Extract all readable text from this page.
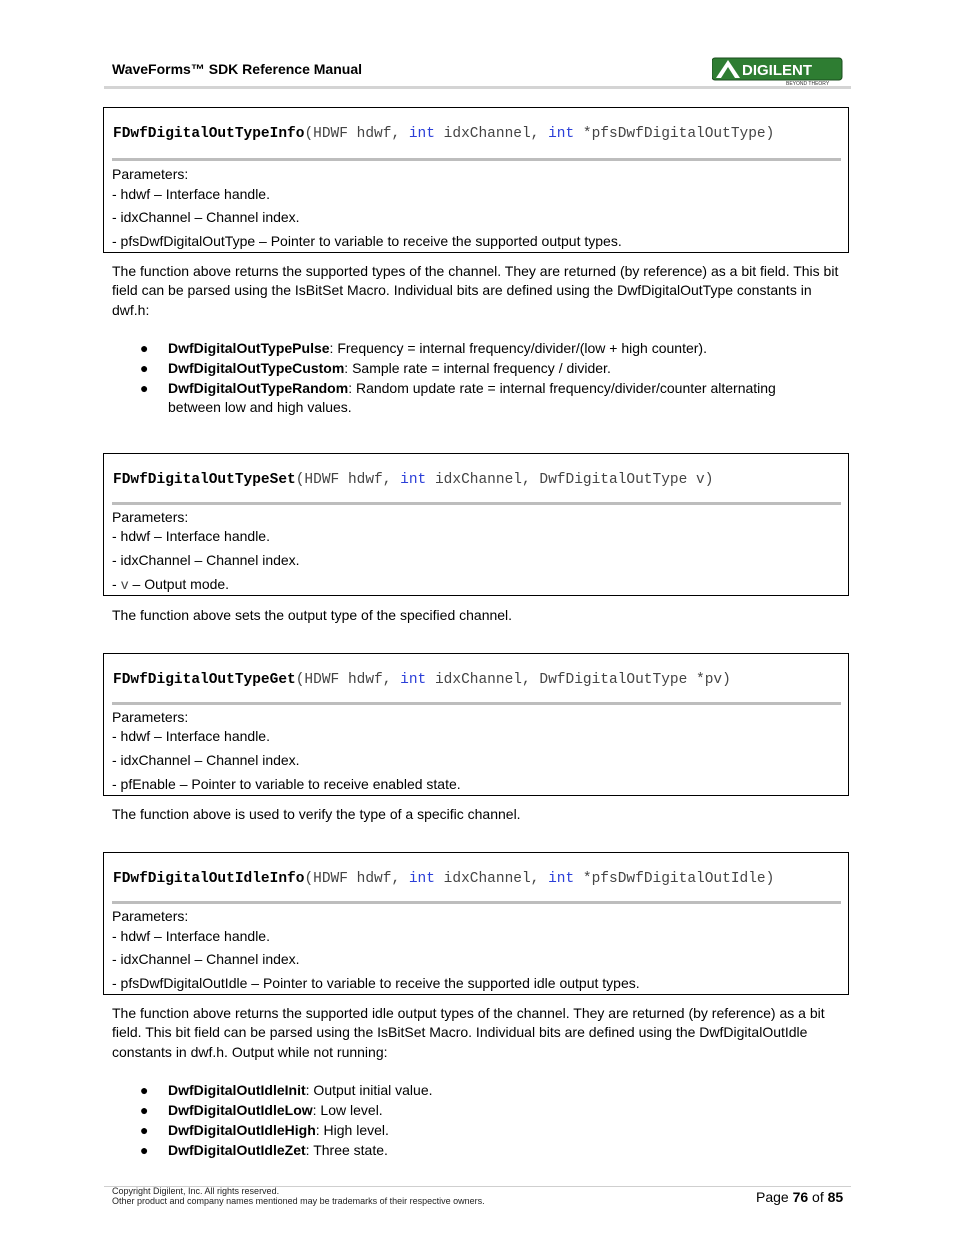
WaveForms™ SDK Reference Manual	DIGILENT
BEYOND THEORY
FDwfDigitalOutTypeInfo(HDWF hdwf, int idxChannel, int *pfsDwfDigitalOutType)
Parameters:
- hdwf – Interface handle.
- idxChannel – Channel index.
- pfsDwfDigitalOutType – Pointer to variable to receive the supported output types.
The function above returns the supported types of the channel. They are returned (by reference) as a bit field. This bit field can be parsed using the IsBitSet Macro. Individual bits are defined using the DwfDigitalOutType constants in dwf.h:
● DwfDigitalOutTypePulse: Frequency = internal frequency/divider/(low + high counter).
● DwfDigitalOutTypeCustom: Sample rate = internal frequency / divider.
● DwfDigitalOutTypeRandom: Random update rate = internal frequency/divider/counter alternating between low and high values.
FDwfDigitalOutTypeSet(HDWF hdwf, int idxChannel, DwfDigitalOutType v)
Parameters:
- hdwf – Interface handle.
- idxChannel – Channel index.
- v – Output mode.
The function above sets the output type of the specified channel.
FDwfDigitalOutTypeGet(HDWF hdwf, int idxChannel, DwfDigitalOutType *pv)
Parameters:
- hdwf – Interface handle.
- idxChannel – Channel index.
- pfEnable – Pointer to variable to receive enabled state.
The function above is used to verify the type of a specific channel.
FDwfDigitalOutIdleInfo(HDWF hdwf, int idxChannel, int *pfsDwfDigitalOutIdle)
Parameters:
- hdwf – Interface handle.
- idxChannel – Channel index.
- pfsDwfDigitalOutIdle – Pointer to variable to receive the supported idle output types.
The function above returns the supported idle output types of the channel. They are returned (by reference) as a bit field. This bit field can be parsed using the IsBitSet Macro. Individual bits are defined using the DwfDigitalOutIdle constants in dwf.h. Output while not running:
● DwfDigitalOutIdleInit: Output initial value.
● DwfDigitalOutIdleLow: Low level.
● DwfDigitalOutIdleHigh: High level.
● DwfDigitalOutIdleZet: Three state.
Copyright Digilent, Inc. All rights reserved.
Other product and company names mentioned may be trademarks of their respective owners.	Page 76 of 85
